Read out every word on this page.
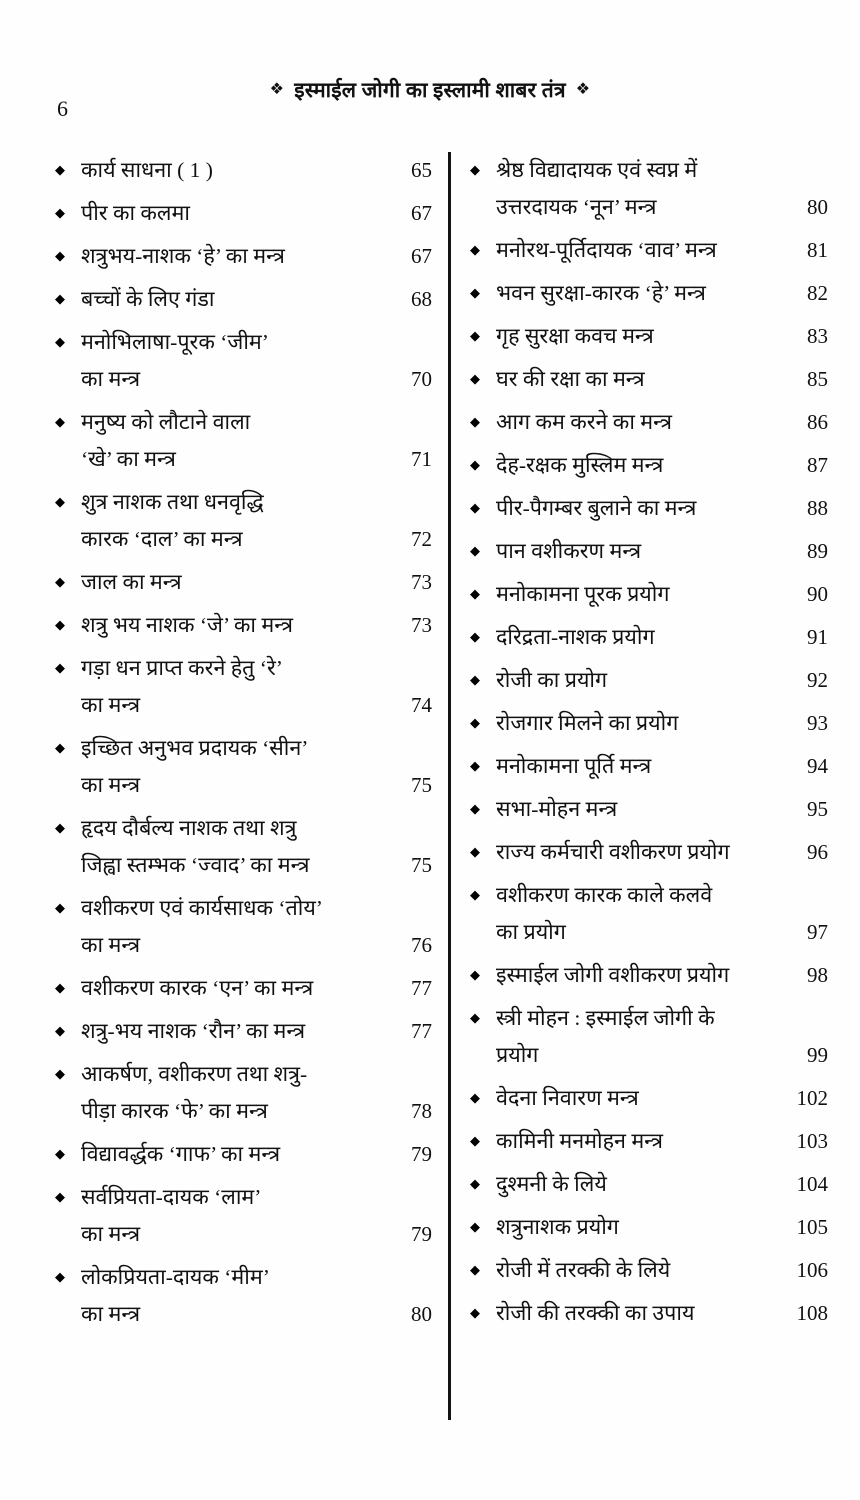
6
❖ इस्माईल जोगी का इस्लामी शाबर तंत्र ❖
◆ कार्य साधना ( 1 )	65
◆ पीर का कलमा	67
◆ शत्रुभय-नाशक ‘हे’ का मन्त्र	67
◆ बच्चों के लिए गंडा	68
◆ मनोभिलाषा-पूरक ‘जीम’
का मन्त्र	70
◆ मनुष्य को लौटाने वाला
‘खे’ का मन्त्र	71
◆ शुत्र नाशक तथा धनवृद्धि
कारक ‘दाल’ का मन्त्र	72
◆ जाल का मन्त्र	73
◆ शत्रु भय नाशक ‘जे’ का मन्त्र	73
◆ गड़ा धन प्राप्त करने हेतु ‘रे’
का मन्त्र	74
◆ इच्छित अनुभव प्रदायक ‘सीन’
का मन्त्र	75
◆ हृदय दौर्बल्य नाशक तथा शत्रु
जिह्वा स्तम्भक ‘ज्वाद’ का मन्त्र	75
◆ वशीकरण एवं कार्यसाधक ‘तोय’
का मन्त्र	76
◆ वशीकरण कारक ‘एन’ का मन्त्र	77
◆ शत्रु-भय नाशक ‘रौन’ का मन्त्र	77
◆ आकर्षण, वशीकरण तथा शत्रु-
पीड़ा कारक ‘फे’ का मन्त्र	78
◆ विद्यावर्द्धक ‘गाफ’ का मन्त्र	79
◆ सर्वप्रियता-दायक ‘लाम’
का मन्त्र	79
◆ लोकप्रियता-दायक ‘मीम’
का मन्त्र	80
◆ श्रेष्ठ विद्यादायक एवं स्वप्न में
उत्तरदायक ‘नून’ मन्त्र	80
◆ मनोरथ-पूर्तिदायक ‘वाव’ मन्त्र	81
◆ भवन सुरक्षा-कारक ‘हे’ मन्त्र	82
◆ गृह सुरक्षा कवच मन्त्र	83
◆ घर की रक्षा का मन्त्र	85
◆ आग कम करने का मन्त्र	86
◆ देह-रक्षक मुस्लिम मन्त्र	87
◆ पीर-पैगम्बर बुलाने का मन्त्र	88
◆ पान वशीकरण मन्त्र	89
◆ मनोकामना पूरक प्रयोग	90
◆ दरिद्रता-नाशक प्रयोग	91
◆ रोजी का प्रयोग	92
◆ रोजगार मिलने का प्रयोग	93
◆ मनोकामना पूर्ति मन्त्र	94
◆ सभा-मोहन मन्त्र	95
◆ राज्य कर्मचारी वशीकरण प्रयोग	96
◆ वशीकरण कारक काले कलवे
का प्रयोग	97
◆ इस्माईल जोगी वशीकरण प्रयोग	98
◆ स्त्री मोहन : इस्माईल जोगी के
प्रयोग	99
◆ वेदना निवारण मन्त्र	102
◆ कामिनी मनमोहन मन्त्र	103
◆ दुश्मनी के लिये	104
◆ शत्रुनाशक प्रयोग	105
◆ रोजी में तरक्की के लिये	106
◆ रोजी की तरक्की का उपाय	108
